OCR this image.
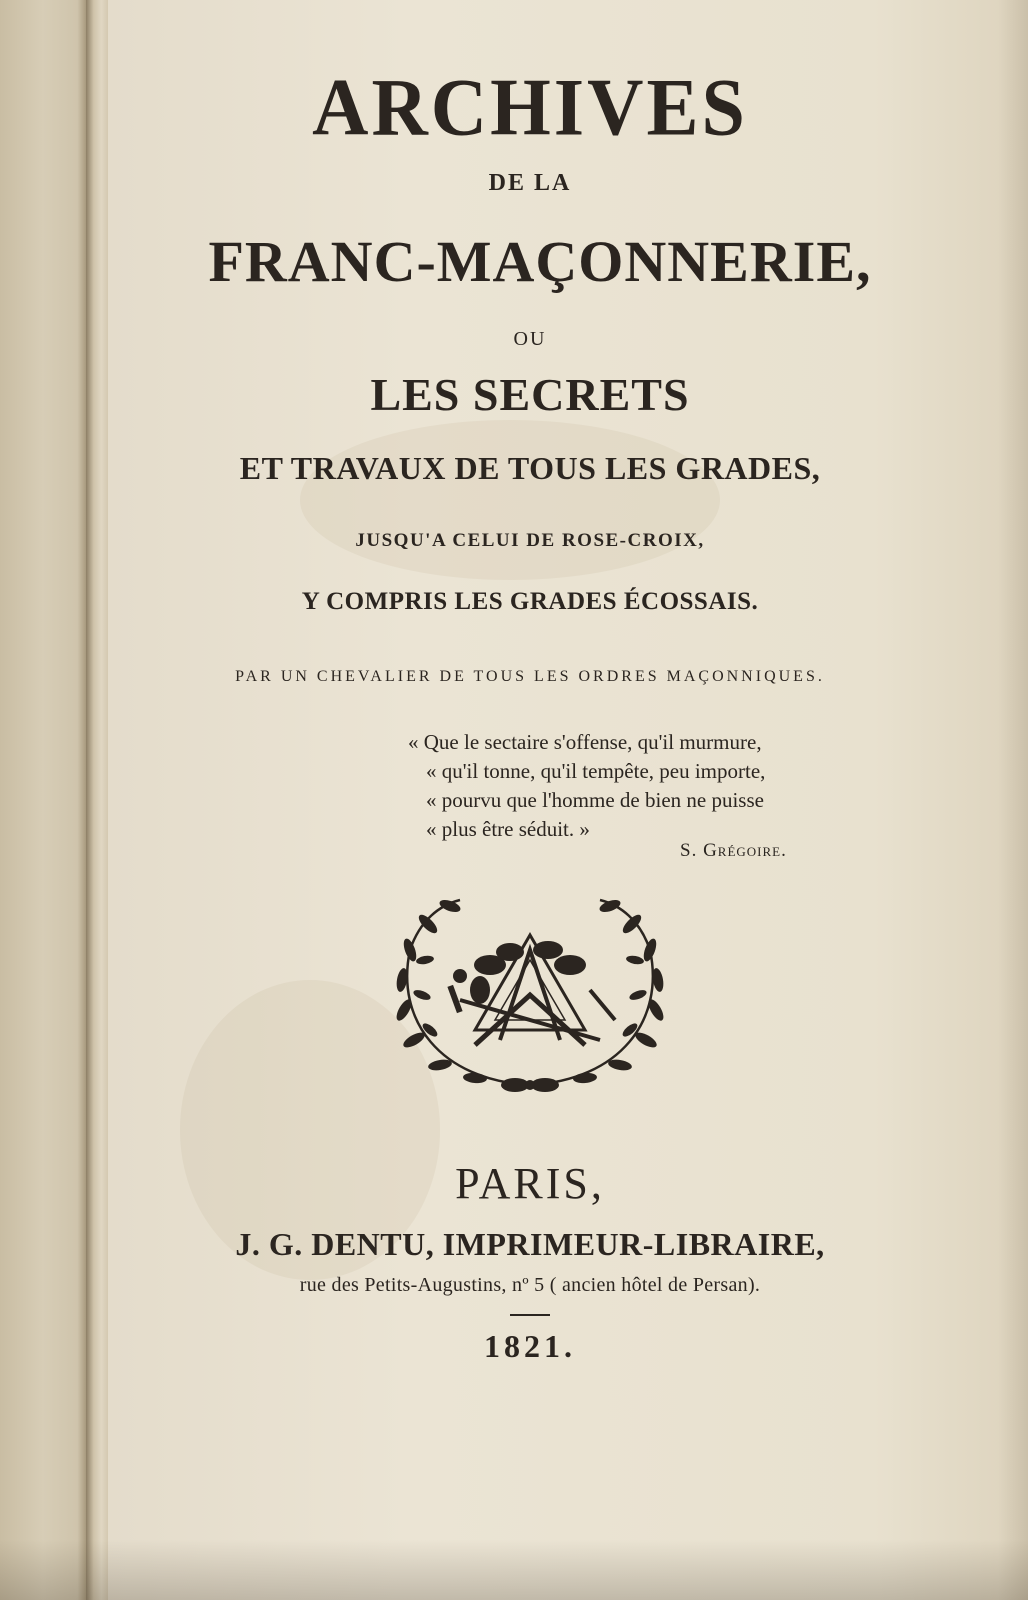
ARCHIVES
DE LA
FRANC-MAÇONNERIE,
OU
LES SECRETS
ET TRAVAUX DE TOUS LES GRADES,
JUSQU'A CELUI DE ROSE-CROIX,
Y COMPRIS LES GRADES ÉCOSSAIS.
PAR UN CHEVALIER DE TOUS LES ORDRES MAÇONNIQUES.
« Que le sectaire s'offense, qu'il murmure,
« qu'il tonne, qu'il tempête, peu importe,
« pourvu que l'homme de bien ne puisse
« plus être séduit. »
S. Grégoire.
PARIS,
J. G. DENTU, IMPRIMEUR-LIBRAIRE,
rue des Petits-Augustins, nº 5 ( ancien hôtel de Persan).
1821.
